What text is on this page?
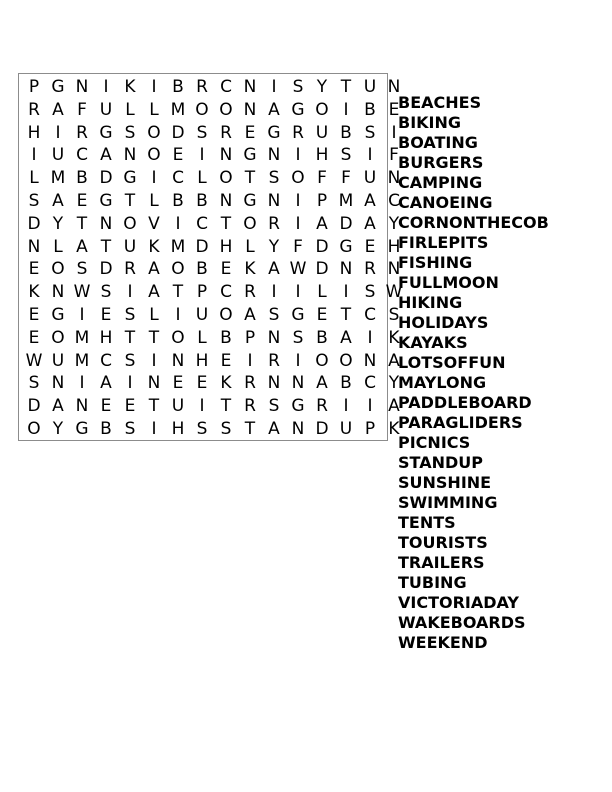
P G N I K I B R C N I S Y T U N
R A F U L L M O O N A G O I B E
H I R G S O D S R E G R U B S I
I U C A N O E I N G N I H S I F
L M B D G I C L O T S O F F U N
S A E G T L B B N G N I P M A C
D Y T N O V I C T O R I A D A Y
N L A T U K M D H L Y F D G E H
E O S D R A O B E K A W D N R N
K N W S I A T P C R I	I L I S W
E G I E S L I U O A S G E T C S
E O M H T T O L B P N S B A I K
W U M C S I N H E I R I O O N A
S N I A I N E E K R N N A B C Y
D A N E E T U I T R S G R I	I A
O Y G B S I H S S T A N D U P K
BEACHES
BIKING
BOATING
BURGERS
CAMPING
CANOEING
CORNONTHECOB
FIRLEPITS
FISHING
FULLMOON
HIKING
HOLIDAYS
KAYAKS
LOTSOFFUN
MAYLONG
PADDLEBOARD
PARAGLIDERS
PICNICS
STANDUP
SUNSHINE
SWIMMING
TENTS
TOURISTS
TRAILERS
TUBING
VICTORIADAY
WAKEBOARDS
WEEKEND
